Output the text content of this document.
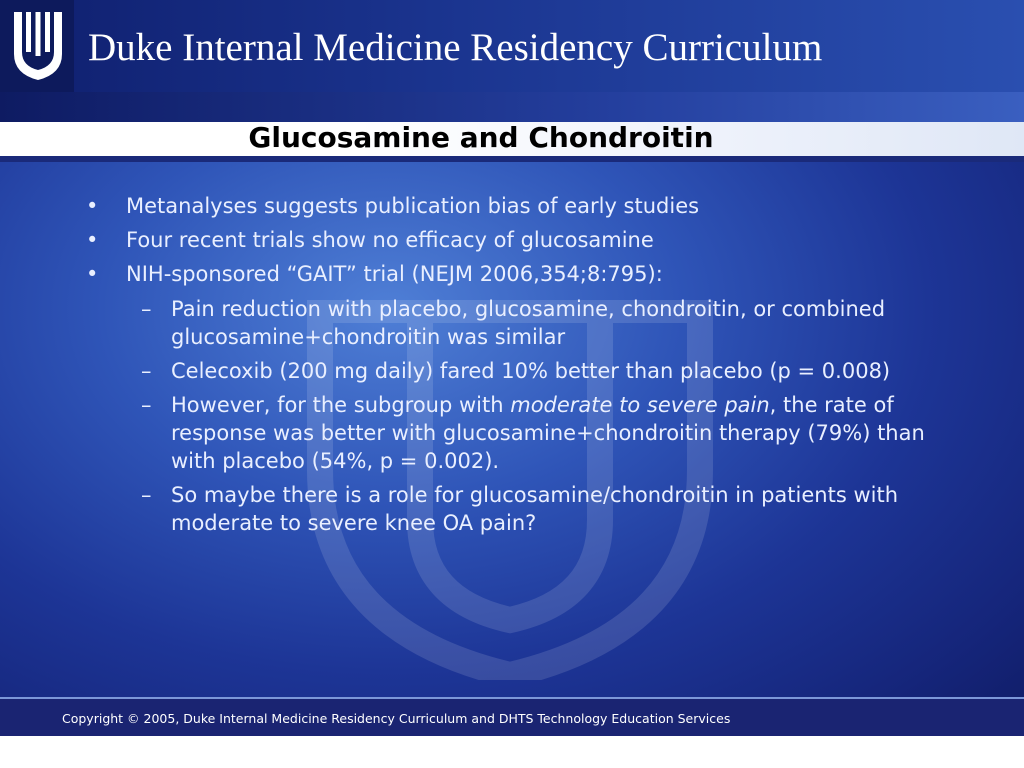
Duke Internal Medicine Residency Curriculum
Glucosamine and Chondroitin
•	Metanalyses suggests publication bias of early studies
•	Four recent trials show no efficacy of glucosamine
•	NIH-sponsored “GAIT” trial (NEJM 2006,354;8:795):
– Pain reduction with placebo, glucosamine, chondroitin, or combined glucosamine+chondroitin was similar
– Celecoxib (200 mg daily) fared 10% better than placebo (p = 0.008)
– However, for the subgroup with moderate to severe pain, the rate of response was better with glucosamine+chondroitin therapy (79%) than with placebo (54%, p = 0.002).
– So maybe there is a role for glucosamine/chondroitin in patients with moderate to severe knee OA pain?
Copyright © 2005, Duke Internal Medicine Residency Curriculum and DHTS Technology Education Services
